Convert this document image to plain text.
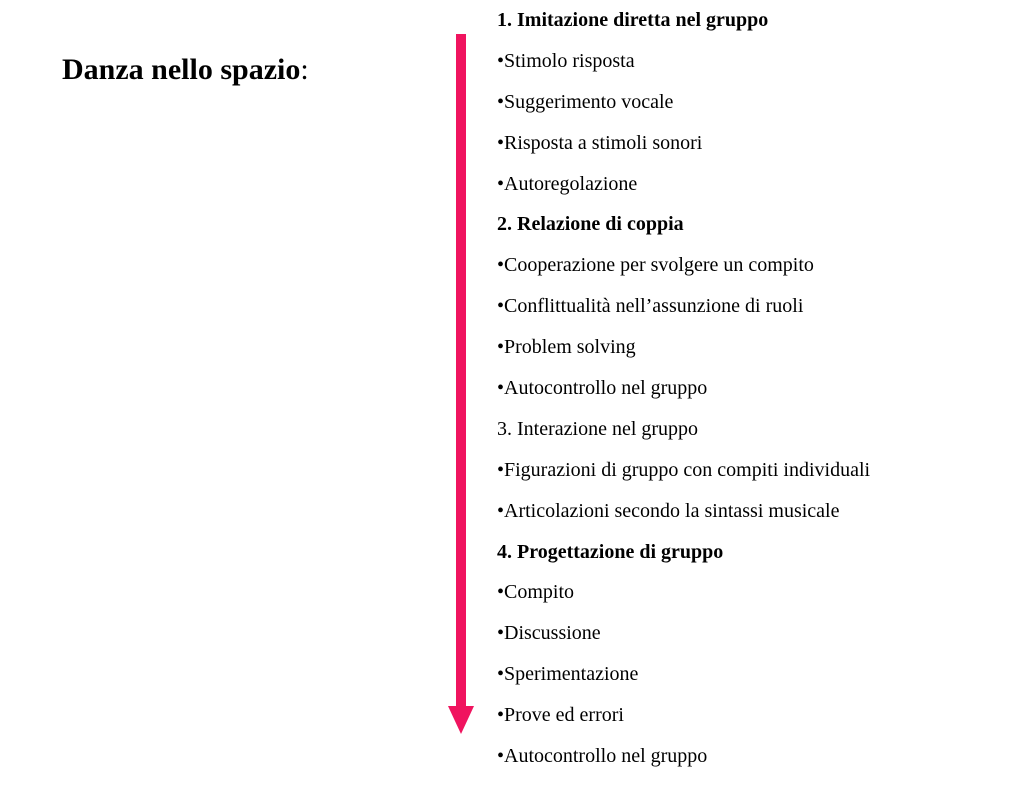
Danza nello spazio:
1. Imitazione diretta nel gruppo
•Stimolo risposta
•Suggerimento vocale
•Risposta a stimoli sonori
•Autoregolazione
2. Relazione di coppia
•Cooperazione per svolgere un compito
•Conflittualità nell’assunzione di ruoli
•Problem solving
•Autocontrollo nel gruppo
3. Interazione nel gruppo
•Figurazioni di gruppo con compiti individuali
•Articolazioni secondo la sintassi musicale
4. Progettazione di gruppo
•Compito
•Discussione
•Sperimentazione
•Prove ed errori
•Autocontrollo nel gruppo
